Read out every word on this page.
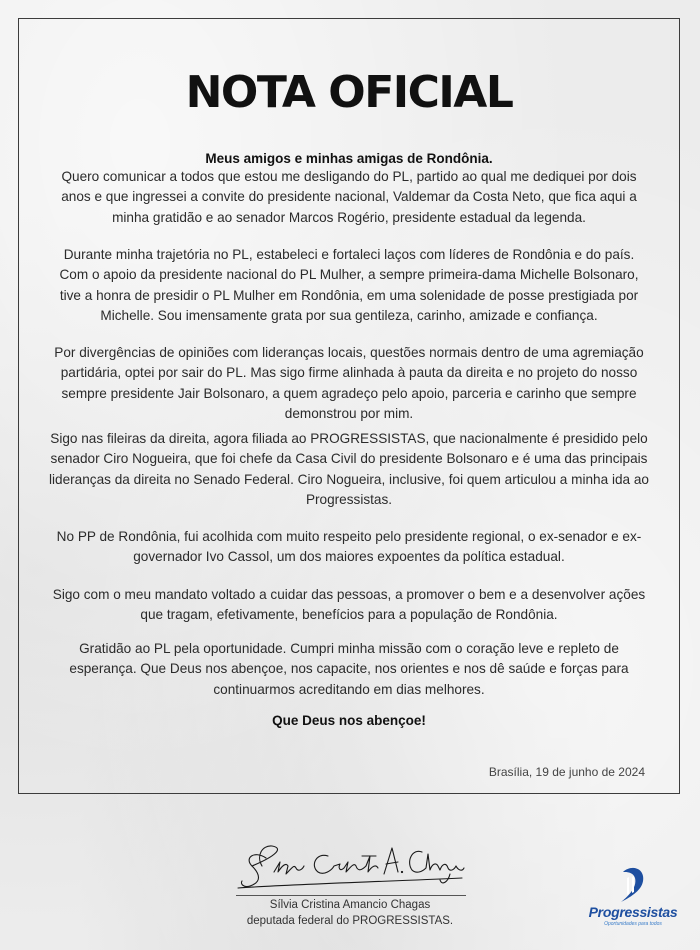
NOTA OFICIAL
Meus amigos e minhas amigas de Rondônia.
Quero comunicar a todos que estou me desligando do PL, partido ao qual me dediquei por dois anos e que ingressei a convite do presidente nacional, Valdemar da Costa Neto, que fica aqui a minha gratidão e ao senador Marcos Rogério, presidente estadual da legenda.
Durante minha trajetória no PL, estabeleci e fortaleci laços com líderes de Rondônia e do país. Com o apoio da presidente nacional do PL Mulher, a sempre primeira-dama Michelle Bolsonaro, tive a honra de presidir o PL Mulher em Rondônia, em uma solenidade de posse prestigiada por Michelle. Sou imensamente grata por sua gentileza, carinho, amizade e confiança.
Por divergências de opiniões com lideranças locais, questões normais dentro de uma agremiação partidária, optei por sair do PL. Mas sigo firme alinhada à pauta da direita e no projeto do nosso sempre presidente Jair Bolsonaro, a quem agradeço pelo apoio, parceria e carinho que sempre demonstrou por mim.
Sigo nas fileiras da direita, agora filiada ao PROGRESSISTAS, que nacionalmente é presidido pelo senador Ciro Nogueira, que foi chefe da Casa Civil do presidente Bolsonaro e é uma das principais lideranças da direita no Senado Federal. Ciro Nogueira, inclusive, foi quem articulou a minha ida ao Progressistas.
No PP de Rondônia, fui acolhida com muito respeito pelo presidente regional, o ex-senador e ex-governador Ivo Cassol, um dos maiores expoentes da política estadual.
Sigo com o meu mandato voltado a cuidar das pessoas, a promover o bem e a desenvolver ações que tragam, efetivamente, benefícios para a população de Rondônia.
Gratidão ao PL pela oportunidade. Cumpri minha missão com o coração leve e repleto de esperança. Que Deus nos abençoe, nos capacite, nos orientes e nos dê saúde e forças para continuarmos acreditando em dias melhores.
Que Deus nos abençoe!
Brasília, 19 de junho de 2024
Sílvia Cristina Amancio Chagas
deputada federal do PROGRESSISTAS.
Progressistas
Oportunidades para todos
